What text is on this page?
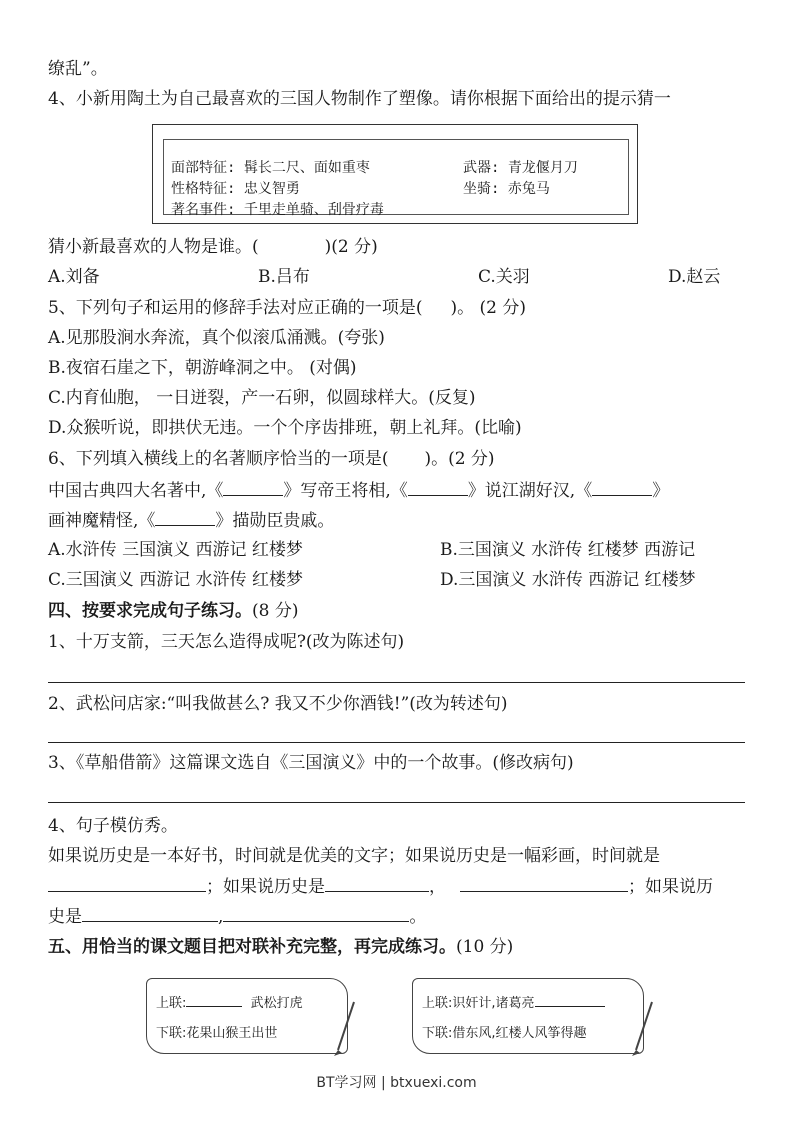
缭乱”。
4、小新用陶土为自己最喜欢的三国人物制作了塑像。请你根据下面给出的提示猜一
面部特征: 髯长二尺、面如重枣	武器: 青龙偃月刀
性格特征: 忠义智勇	坐骑: 赤兔马
著名事件: 千里走单骑、刮骨疗毒
猜小新最喜欢的人物是谁。(	)(2 分)
A.刘备	B.吕布	C.关羽	D.赵云
5、下列句子和运用的修辞手法对应正确的一项是( )。 (2 分)
A.见那股涧水奔流，真个似滚瓜涌溅。(夸张)
B.夜宿石崖之下，朝游峰洞之中。 (对偶)
C.内育仙胞， 一日迸裂，产一石卵，似圆球样大。(反复)
D.众猴听说，即拱伏无违。一个个序齿排班，朝上礼拜。(比喻)
6、下列填入横线上的名著顺序恰当的一项是( )。(2 分)
中国古典四大名著中,《	》写帝王将相,《	》说江湖好汉,《	》
画神魔精怪,《	》描勋臣贵戚。
A.水浒传 三国演义 西游记 红楼梦	B.三国演义 水浒传 红楼梦 西游记
C.三国演义 西游记 水浒传 红楼梦	D.三国演义 水浒传 西游记 红楼梦
四、按要求完成句子练习。(8 分)
1、十万支箭，三天怎么造得成呢?(改为陈述句)
2、武松问店家:“叫我做甚么? 我又不少你酒钱!”(改为转述句)
3、《草船借箭》这篇课文选自《三国演义》中的一个故事。(修改病句)
4、句子模仿秀。
如果说历史是一本好书，时间就是优美的文字；如果说历史是一幅彩画，时间就是
；如果说历史是	，	；如果说历
史是	,	。
五、用恰当的课文题目把对联补充完整，再完成练习。(10 分)
上联:	武松打虎
下联:花果山猴王出世
上联:识奸计,诸葛亮
下联:借东风,红楼人风筝得趣
BT学习网 | btxuexi.com
